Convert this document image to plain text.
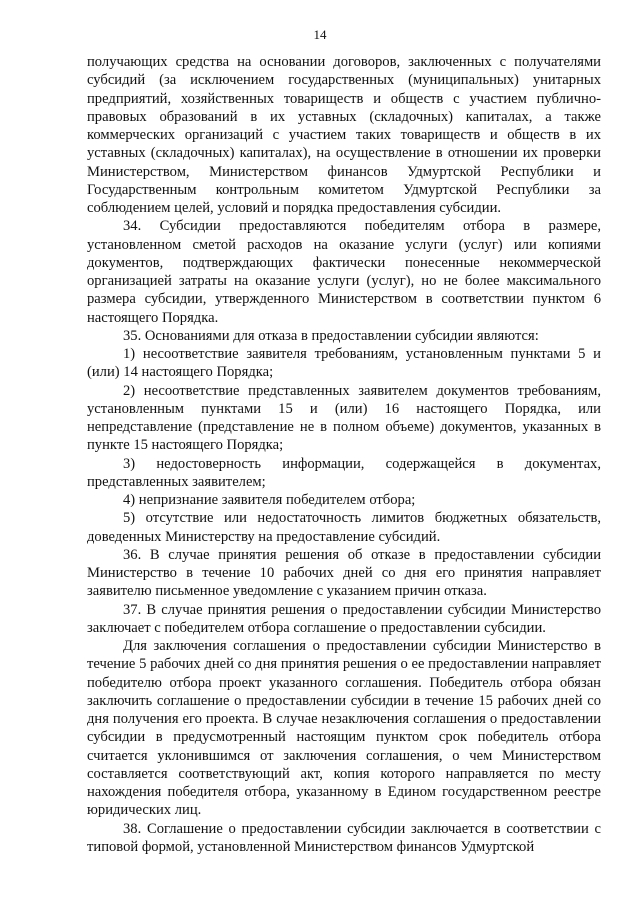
14

получающих средства на основании договоров, заключенных с получателями субсидий (за исключением государственных (муниципальных) унитарных предприятий, хозяйственных товариществ и обществ с участием публично-правовых образований в их уставных (складочных) капиталах, а также коммерческих организаций с участием таких товариществ и обществ в их уставных (складочных) капиталах), на осуществление в отношении их проверки Министерством, Министерством финансов Удмуртской Республики и Государственным контрольным комитетом Удмуртской Республики за соблюдением целей, условий и порядка предоставления субсидии.

34. Субсидии предоставляются победителям отбора в размере, установленном сметой расходов на оказание услуги (услуг) или копиями документов, подтверждающих фактически понесенные некоммерческой организацией затраты на оказание услуги (услуг), но не более максимального размера субсидии, утвержденного Министерством в соответствии пунктом 6 настоящего Порядка.

35. Основаниями для отказа в предоставлении субсидии являются:

1) несоответствие заявителя требованиям, установленным пунктами 5 и (или) 14 настоящего Порядка;

2) несоответствие представленных заявителем документов требованиям, установленным пунктами 15 и (или) 16 настоящего Порядка, или непредставление (представление не в полном объеме) документов, указанных в пункте 15 настоящего Порядка;

3) недостоверность информации, содержащейся в документах, представленных заявителем;

4) непризнание заявителя победителем отбора;

5) отсутствие или недостаточность лимитов бюджетных обязательств, доведенных Министерству на предоставление субсидий.

36. В случае принятия решения об отказе в предоставлении субсидии Министерство в течение 10 рабочих дней со дня его принятия направляет заявителю письменное уведомление с указанием причин отказа.

37. В случае принятия решения о предоставлении субсидии Министерство заключает с победителем отбора соглашение о предоставлении субсидии.

Для заключения соглашения о предоставлении субсидии Министерство в течение 5 рабочих дней со дня принятия решения о ее предоставлении направляет победителю отбора проект указанного соглашения. Победитель отбора обязан заключить соглашение о предоставлении субсидии в течение 15 рабочих дней со дня получения его проекта. В случае незаключения соглашения о предоставлении субсидии в предусмотренный настоящим пунктом срок победитель отбора считается уклонившимся от заключения соглашения, о чем Министерством составляется соответствующий акт, копия которого направляется по месту нахождения победителя отбора, указанному в Едином государственном реестре юридических лиц.

38. Соглашение о предоставлении субсидии заключается в соответствии с типовой формой, установленной Министерством финансов Удмуртской
